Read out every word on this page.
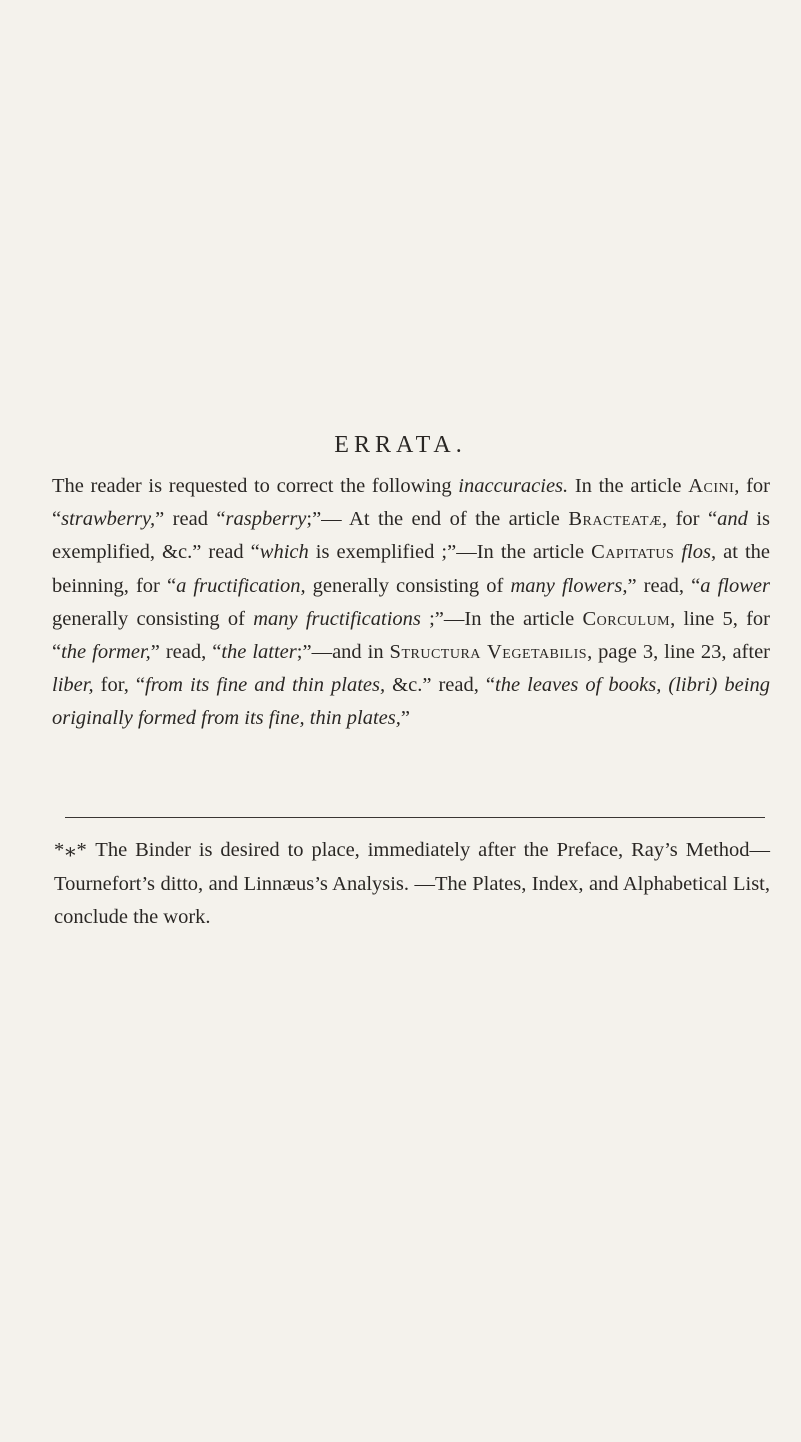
ERRATA.

The reader is requested to correct the following inaccuracies. In the article Acini, for “strawberry,” read “raspberry;”— At the end of the article Bracteatæ, for “and is exemplified, &c.” read “which is exemplified ;”—In the article Capitatus flos, at the beinning, for “a fructification, generally consisting of many flowers,” read, “a flower generally consisting of many fructifications ;”—In the article Corculum, line 5, for “the former,” read, “the latter;”—and in Structura Vegetabilis, page 3, line 23, after liber, for, “from its fine and thin plates, &c.” read, “the leaves of books, (libri) being originally formed from its fine, thin plates,”

*⁎* The Binder is desired to place, immediately after the Preface, Ray’s Method—Tournefort’s ditto, and Linnæus’s Analysis. —The Plates, Index, and Alphabetical List, conclude the work.
